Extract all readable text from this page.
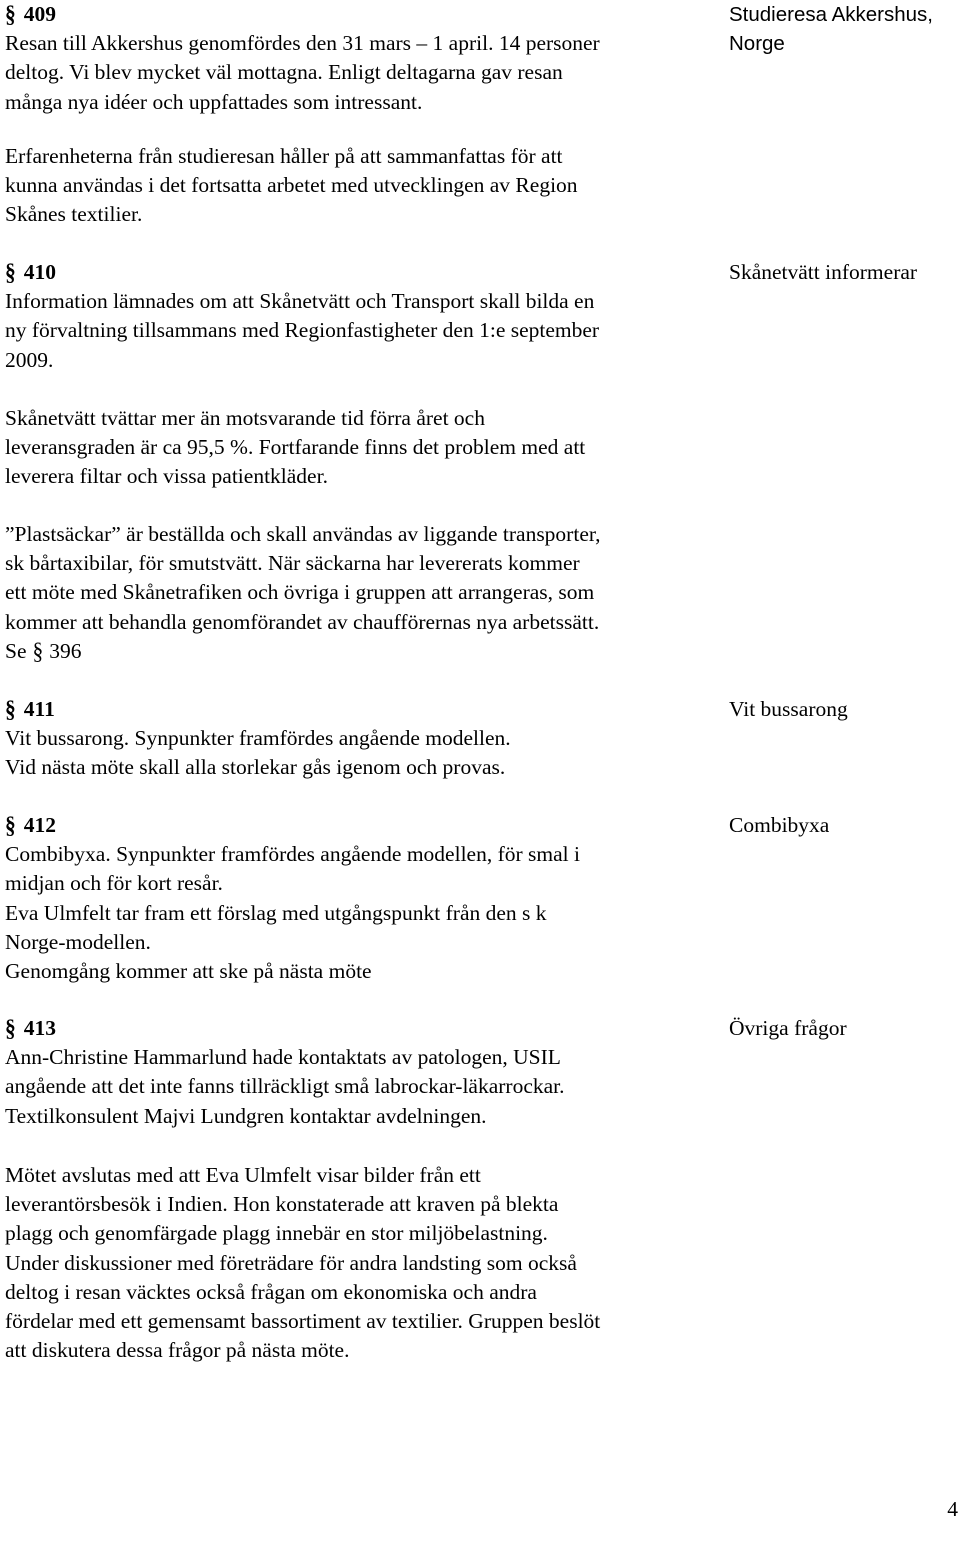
§ 409
Resan till Akkershus genomfördes den 31 mars – 1 april. 14 personer
deltog. Vi blev mycket väl mottagna. Enligt deltagarna gav resan
många nya idéer och uppfattades som intressant.
Studieresa Akkershus,
Norge
Erfarenheterna från studieresan håller på att sammanfattas för att
kunna användas i det fortsatta arbetet med utvecklingen av Region
Skånes textilier.
§ 410
Information lämnades om att Skånetvätt och Transport skall bilda en
ny förvaltning tillsammans med Regionfastigheter den 1:e september
2009.
Skånetvätt informerar
Skånetvätt tvättar mer än motsvarande tid förra året och
leveransgraden är ca 95,5 %. Fortfarande finns det problem med att
leverera filtar och vissa patientkläder.
”Plastsäckar” är beställda och skall användas av liggande transporter,
sk bårtaxibilar, för smutstvätt. När säckarna har levererats kommer
ett möte med Skånetrafiken och övriga i gruppen att arrangeras, som
kommer att behandla genomförandet av chaufförernas nya arbetssätt.
Se § 396
§ 411
Vit bussarong. Synpunkter framfördes angående modellen.
Vid nästa möte skall alla storlekar gås igenom och provas.
Vit bussarong
§ 412
Combibyxa. Synpunkter framfördes angående modellen, för smal i
midjan och för kort resår.
Eva Ulmfelt tar fram ett förslag med utgångspunkt från den s k
Norge-modellen.
Genomgång kommer att ske på nästa möte
Combibyxa
§ 413
Ann-Christine Hammarlund hade kontaktats av patologen, USIL
angående att det inte fanns tillräckligt små labrockar-läkarrockar.
Textilkonsulent Majvi Lundgren kontaktar avdelningen.
Övriga frågor
Mötet avslutas med att Eva Ulmfelt visar bilder från ett
leverantörsbesök i Indien. Hon konstaterade att kraven på blekta
plagg och genomfärgade plagg innebär en stor miljöbelastning.
Under diskussioner med företrädare för andra landsting som också
deltog i resan väcktes också frågan om ekonomiska och andra
fördelar med ett gemensamt bassortiment av textilier. Gruppen beslöt
att diskutera dessa frågor på nästa möte.
4
